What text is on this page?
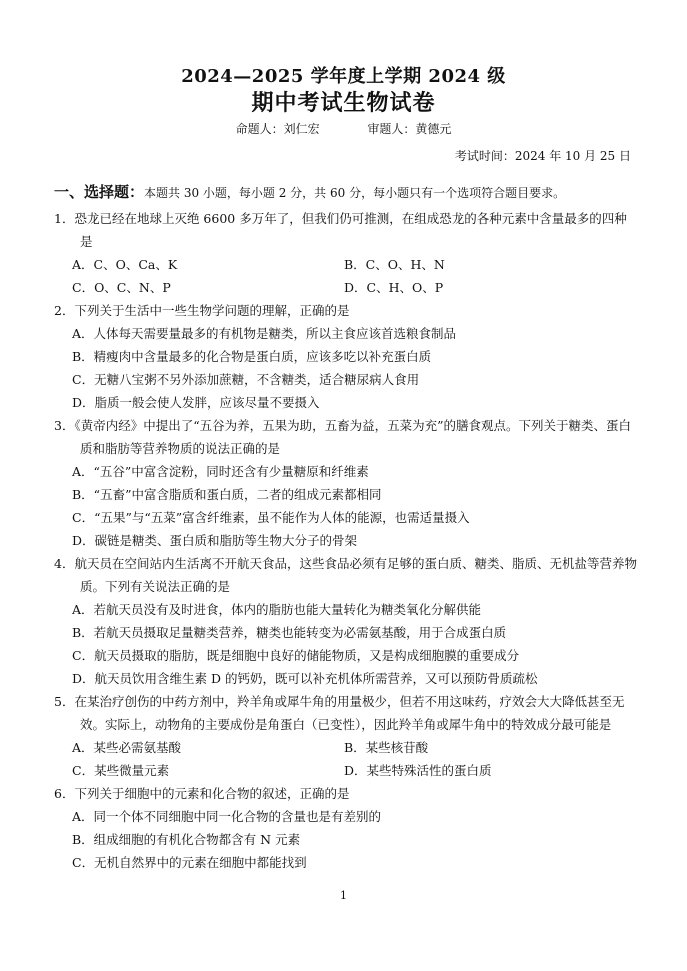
2024—2025 学年度上学期 2024 级
期中考试生物试卷
命题人：刘仁宏	审题人：黄德元
考试时间：2024 年 10 月 25 日
一、选择题：本题共 30 小题，每小题 2 分，共 60 分，每小题只有一个选项符合题目要求。
1．恐龙已经在地球上灭绝 6600 多万年了，但我们仍可推测，在组成恐龙的各种元素中含量最多的四种是
A．C、O、Ca、K	B．C、O、H、N
C．O、C、N、P	D．C、H、O、P
2．下列关于生活中一些生物学问题的理解，正确的是
A．人体每天需要量最多的有机物是糖类，所以主食应该首选粮食制品
B．精瘦肉中含量最多的化合物是蛋白质，应该多吃以补充蛋白质
C．无糖八宝粥不另外添加蔗糖，不含糖类，适合糖尿病人食用
D．脂质一般会使人发胖，应该尽量不要摄入
3．《黄帝内经》中提出了“五谷为养，五果为助，五畜为益，五菜为充”的膳食观点。下列关于糖类、蛋白质和脂肪等营养物质的说法正确的是
A．“五谷”中富含淀粉，同时还含有少量糖原和纤维素
B．“五畜”中富含脂质和蛋白质，二者的组成元素都相同
C．“五果”与“五菜”富含纤维素，虽不能作为人体的能源，也需适量摄入
D．碳链是糖类、蛋白质和脂肪等生物大分子的骨架
4．航天员在空间站内生活离不开航天食品，这些食品必须有足够的蛋白质、糖类、脂质、无机盐等营养物质。下列有关说法正确的是
A．若航天员没有及时进食，体内的脂肪也能大量转化为糖类氧化分解供能
B．若航天员摄取足量糖类营养，糖类也能转变为必需氨基酸，用于合成蛋白质
C．航天员摄取的脂肪，既是细胞中良好的储能物质，又是构成细胞膜的重要成分
D．航天员饮用含维生素 D 的钙奶，既可以补充机体所需营养，又可以预防骨质疏松
5．在某治疗创伤的中药方剂中，羚羊角或犀牛角的用量极少，但若不用这味药，疗效会大大降低甚至无效。实际上，动物角的主要成份是角蛋白（已变性），因此羚羊角或犀牛角中的特效成分最可能是
A．某些必需氨基酸	B．某些核苷酸
C．某些微量元素	D．某些特殊活性的蛋白质
6．下列关于细胞中的元素和化合物的叙述，正确的是
A．同一个体不同细胞中同一化合物的含量也是有差别的
B．组成细胞的有机化合物都含有 N 元素
C．无机自然界中的元素在细胞中都能找到
1
